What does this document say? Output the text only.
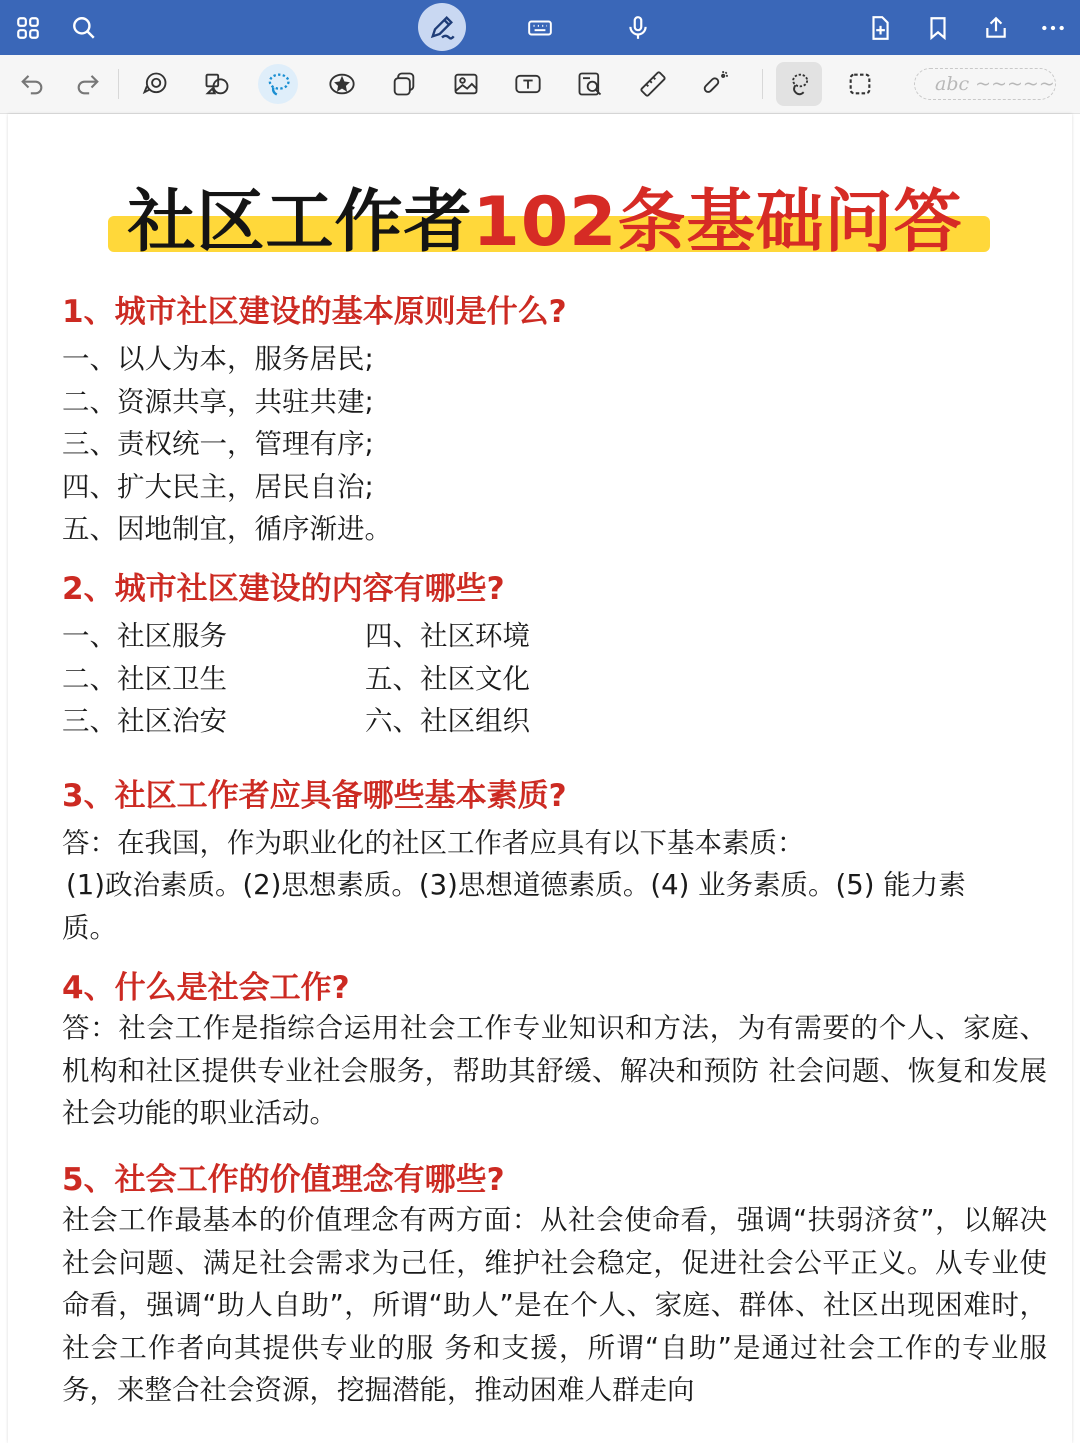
abc ~~~~~
社区工作者102条基础问答
1、城市社区建设的基本原则是什么?
一、以人为本，服务居民;
二、资源共享，共驻共建;
三、责权统一，管理有序;
四、扩大民主，居民自治;
五、因地制宜，循序渐进。
2、城市社区建设的内容有哪些?
一、社区服务
二、社区卫生
三、社区治安
四、社区环境
五、社区文化
六、社区组织
3、社区工作者应具备哪些基本素质?
答：在我国，作为职业化的社区工作者应具有以下基本素质：
(1)政治素质。(2)思想素质。(3)思想道德素质。(4) 业务素质。(5) 能力素
质。
4、什么是社会工作?
答：社会工作是指综合运用社会工作专业知识和方法，为有需要的个人、家庭、机构和社区提供专业社会服务，帮助其舒缓、解决和预防 社会问题、恢复和发展社会功能的职业活动。
5、社会工作的价值理念有哪些?
社会工作最基本的价值理念有两方面：从社会使命看，强调“扶弱济贫”，以解决社会问题、满足社会需求为己任，维护社会稳定，促进社会公平正义。从专业使命看，强调“助人自助”，所谓“助人”是在个人、家庭、群体、社区出现困难时，社会工作者向其提供专业的服 务和支援，所谓“自助”是通过社会工作的专业服务，来整合社会资源，挖掘潜能，推动困难人群走向
